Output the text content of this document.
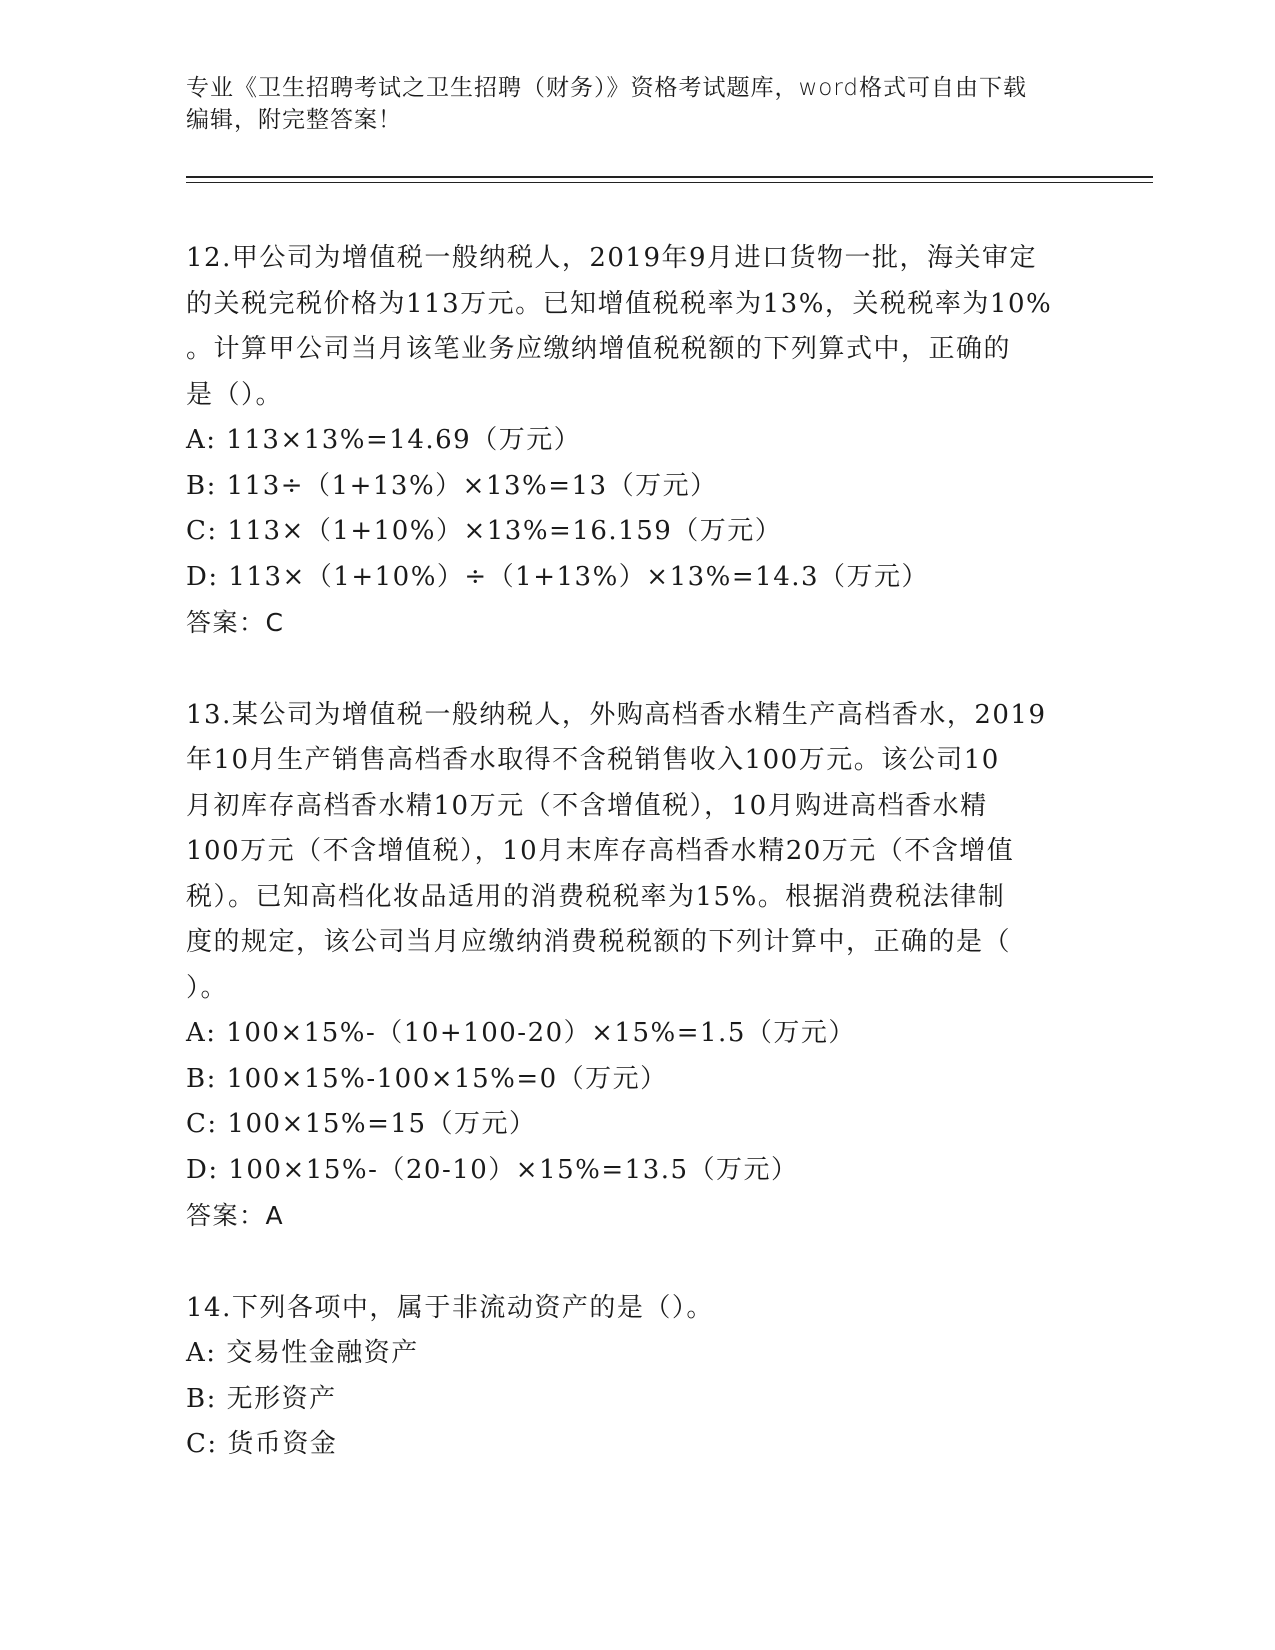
专业《卫生招聘考试之卫生招聘（财务）》资格考试题库，word格式可自由下载
编辑，附完整答案！
12.甲公司为增值税一般纳税人，2019年9月进口货物一批，海关审定
的关税完税价格为113万元。已知增值税税率为13%，关税税率为10%
。计算甲公司当月该笔业务应缴纳增值税税额的下列算式中，正确的
是（）。
A: 113×13%=14.69（万元）
B: 113÷（1+13%）×13%=13（万元）
C: 113×（1+10%）×13%=16.159（万元）
D: 113×（1+10%）÷（1+13%）×13%=14.3（万元）
答案：C
13.某公司为增值税一般纳税人，外购高档香水精生产高档香水，2019
年10月生产销售高档香水取得不含税销售收入100万元。该公司10
月初库存高档香水精10万元（不含增值税），10月购进高档香水精
100万元（不含增值税），10月末库存高档香水精20万元（不含增值
税）。已知高档化妆品适用的消费税税率为15%。根据消费税法律制
度的规定，该公司当月应缴纳消费税税额的下列计算中，正确的是（
）。
A: 100×15%-（10+100-20）×15%=1.5（万元）
B: 100×15%-100×15%=0（万元）
C: 100×15%=15（万元）
D: 100×15%-（20-10）×15%=13.5（万元）
答案：A
14.下列各项中，属于非流动资产的是（）。
A: 交易性金融资产
B: 无形资产
C: 货币资金
